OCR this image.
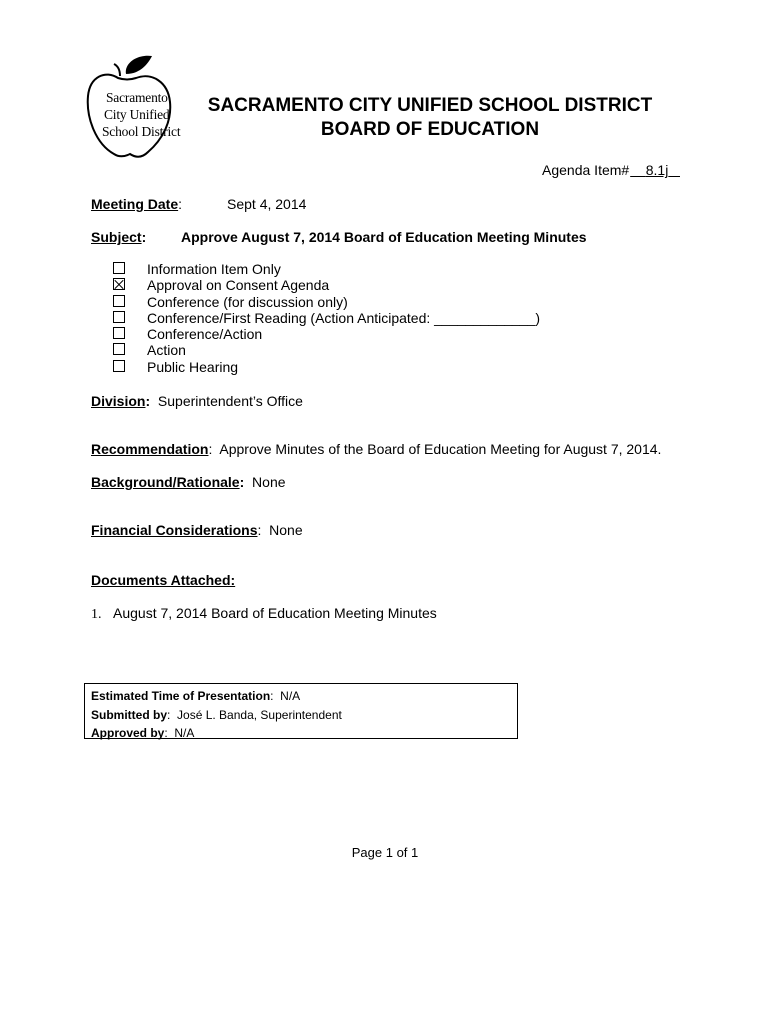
Sacramento
City Unified
School District
SACRAMENTO CITY UNIFIED SCHOOL DISTRICT
BOARD OF EDUCATION
Agenda Item# 8.1j
Meeting Date:	Sept 4, 2014
Subject: Approve August 7, 2014 Board of Education Meeting Minutes
Information Item Only
Approval on Consent Agenda
Conference (for discussion only)
Conference/First Reading (Action Anticipated: _____________)
Conference/Action
Action
Public Hearing
Division: Superintendent’s Office
Recommendation:  Approve Minutes of the Board of Education Meeting for August 7, 2014.
Background/Rationale: None
Financial Considerations:  None
Documents Attached:
1. August 7, 2014 Board of Education Meeting Minutes
Estimated Time of Presentation:  N/A
Submitted by:  José L. Banda, Superintendent
Approved by:  N/A
Page 1 of 1
